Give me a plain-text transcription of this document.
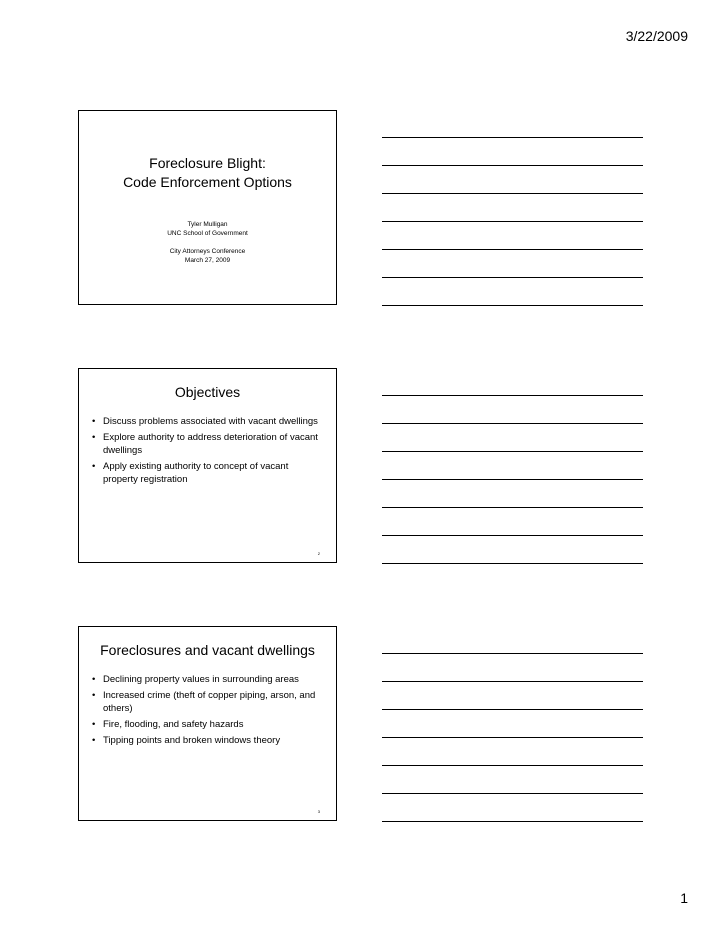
3/22/2009
Foreclosure Blight:
Code Enforcement Options
Tyler Mulligan
UNC School of Government
City Attorneys Conference
March 27, 2009
Objectives
• Discuss problems associated with vacant dwellings
• Explore authority to address deterioration of vacant dwellings
• Apply existing authority to concept of vacant property registration
2
Foreclosures and vacant dwellings
• Declining property values in surrounding areas
• Increased crime (theft of copper piping, arson, and others)
• Fire, flooding, and safety hazards
• Tipping points and broken windows theory
3
1
